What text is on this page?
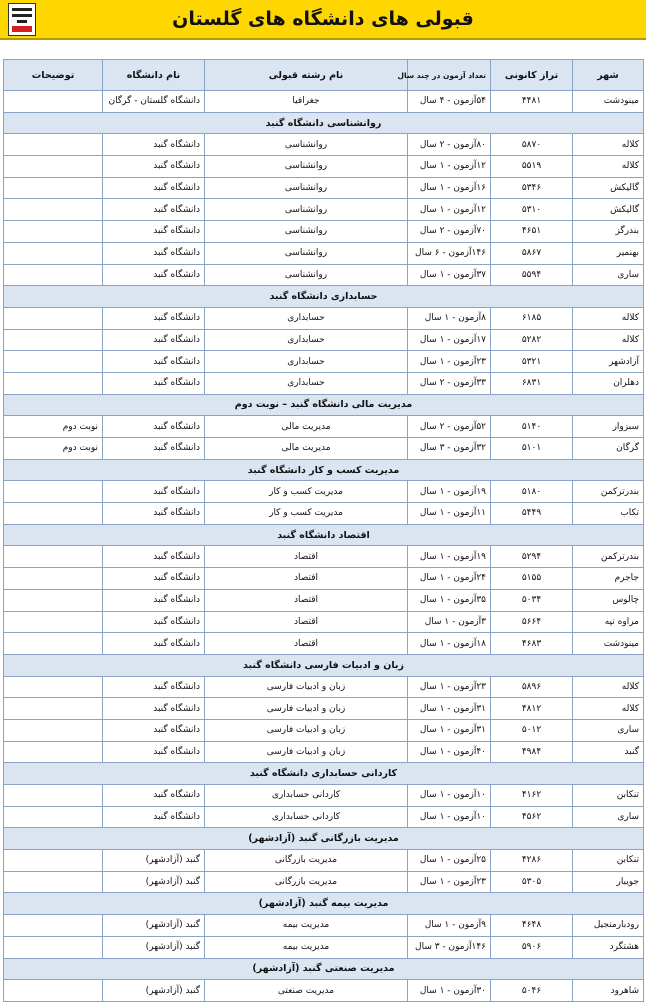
قبولی های دانشگاه های گلستان
شهر	تراز کانونی	تعداد آزمون در چند سال	نام رشته قبولی	نام دانشگاه	توضیحات
مینودشت	۴۴۸۱	۵۴آزمون - ۴ سال	جغرافیا	دانشگاه گلستان - گرگان	
روانشناسی دانشگاه گنبد					
کلاله	۵۸۷۰	۸۰آزمون - ۲ سال	روانشناسی	دانشگاه گنبد	
کلاله	۵۵۱۹	۱۲آزمون - ۱ سال	روانشناسی	دانشگاه گنبد	
گالیکش	۵۳۴۶	۱۶آزمون - ۱ سال	روانشناسی	دانشگاه گنبد	
گالیکش	۵۳۱۰	۱۲آزمون - ۱ سال	روانشناسی	دانشگاه گنبد	
بندرگز	۴۶۵۱	۷۰آزمون - ۲ سال	روانشناسی	دانشگاه گنبد	
بهنمیر	۵۸۶۷	۱۴۶آزمون - ۶ سال	روانشناسی	دانشگاه گنبد	
ساری	۵۵۹۴	۳۷آزمون - ۱ سال	روانشناسی	دانشگاه گنبد	
حسابداری دانشگاه گنبد					
کلاله	۶۱۸۵	۸آزمون - ۱ سال	حسابداری	دانشگاه گنبد	
کلاله	۵۲۸۲	۱۷آزمون - ۱ سال	حسابداری	دانشگاه گنبد	
آزادشهر	۵۳۲۱	۲۳آزمون - ۱ سال	حسابداری	دانشگاه گنبد	
دهلران	۶۸۳۱	۳۳آزمون - ۲ سال	حسابداری	دانشگاه گنبد	
مدیریت مالی دانشگاه گنبد – نوبت دوم					
سبزوار	۵۱۴۰	۵۲آزمون - ۲ سال	مدیریت مالی	دانشگاه گنبد	نوبت دوم
گرگان	۵۱۰۱	۳۲آزمون - ۳ سال	مدیریت مالی	دانشگاه گنبد	نوبت دوم
مدیریت کسب و کار دانشگاه گنبد					
بندرترکمن	۵۱۸۰	۱۹آزمون - ۱ سال	مدیریت کسب و کار	دانشگاه گنبد	
تکاب	۵۴۴۹	۱۱آزمون - ۱ سال	مدیریت کسب و کار	دانشگاه گنبد	
اقتصاد دانشگاه گنبد					
بندرترکمن	۵۲۹۴	۱۹آزمون - ۱ سال	اقتصاد	دانشگاه گنبد	
جاجرم	۵۱۵۵	۲۴آزمون - ۱ سال	اقتصاد	دانشگاه گنبد	
چالوس	۵۰۳۴	۳۵آزمون - ۱ سال	اقتصاد	دانشگاه گنبد	
مراوه تپه	۵۶۶۴	۳آزمون - ۱ سال	اقتصاد	دانشگاه گنبد	
مینودشت	۴۶۸۳	۱۸آزمون - ۱ سال	اقتصاد	دانشگاه گنبد	
زبان و ادبیات فارسی دانشگاه گنبد					
کلاله	۵۸۹۶	۲۳آزمون - ۱ سال	زبان و ادبیات فارسی	دانشگاه گنبد	
کلاله	۴۸۱۲	۳۱آزمون - ۱ سال	زبان و ادبیات فارسی	دانشگاه گنبد	
ساری	۵۰۱۲	۳۱آزمون - ۱ سال	زبان و ادبیات فارسی	دانشگاه گنبد	
گنبد	۴۹۸۴	۴۰آزمون - ۱ سال	زبان و ادبیات فارسی	دانشگاه گنبد	
کاردانی حسابداری دانشگاه گنبد					
تنکابن	۴۱۶۲	۱۰آزمون - ۱ سال	کاردانی حسابداری	دانشگاه گنبد	
ساری	۴۵۶۲	۱۰آزمون - ۱ سال	کاردانی حسابداری	دانشگاه گنبد	
مدیریت بازرگانی گنبد (آزادشهر)					
تنکابن	۴۲۸۶	۲۵آزمون - ۱ سال	مدیریت بازرگانی	گنبد (آزادشهر)	
جویبار	۵۳۰۵	۲۳آزمون - ۱ سال	مدیریت بازرگانی	گنبد (آزادشهر)	
مدیریت بیمه گنبد (آزادشهر)					
رودبارمنجیل	۴۶۴۸	۹آزمون - ۱ سال	مدیریت بیمه	گنبد (آزادشهر)	
هشتگرد	۵۹۰۶	۱۴۶آزمون - ۳ سال	مدیریت بیمه	گنبد (آزادشهر)	
مدیریت صنعتی گنبد (آزادشهر)					
شاهرود	۵۰۴۶	۳۰آزمون - ۱ سال	مدیریت صنعتی	گنبد (آزادشهر)	
